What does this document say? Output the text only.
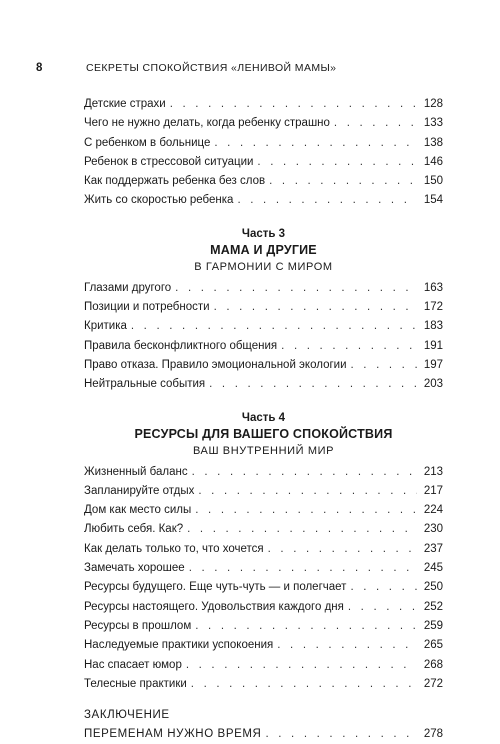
8	СЕКРЕТЫ СПОКОЙСТВИЯ «ЛЕНИВОЙ МАМЫ»
Детские страхи . . .	128
Чего не нужно делать, когда ребенку страшно . . .	133
С ребенком в больнице . . .	138
Ребенок в стрессовой ситуации . . .	146
Как поддержать ребенка без слов . . .	150
Жить со скоростью ребенка . . .	154
Часть 3
МАМА И ДРУГИЕ
В ГАРМОНИИ С МИРОМ
Глазами другого . . .	163
Позиции и потребности . . .	172
Критика . . .	183
Правила бесконфликтного общения . . .	191
Право отказа. Правило эмоциональной экологии . . .	197
Нейтральные события . . .	203
Часть 4
РЕСУРСЫ ДЛЯ ВАШЕГО СПОКОЙСТВИЯ
ВАШ ВНУТРЕННИЙ МИР
Жизненный баланс . . .	213
Запланируйте отдых . . .	217
Дом как место силы . . .	224
Любить себя. Как? . . .	230
Как делать только то, что хочется . . .	237
Замечать хорошее . . .	245
Ресурсы будущего. Еще чуть-чуть — и полегчает . . .	250
Ресурсы настоящего. Удовольствия каждого дня . . .	252
Ресурсы в прошлом . . .	259
Наследуемые практики успокоения . . .	265
Нас спасает юмор . . .	268
Телесные практики . . .	272
ЗАКЛЮЧЕНИЕ
ПЕРЕМЕНАМ НУЖНО ВРЕМЯ . . .	278
